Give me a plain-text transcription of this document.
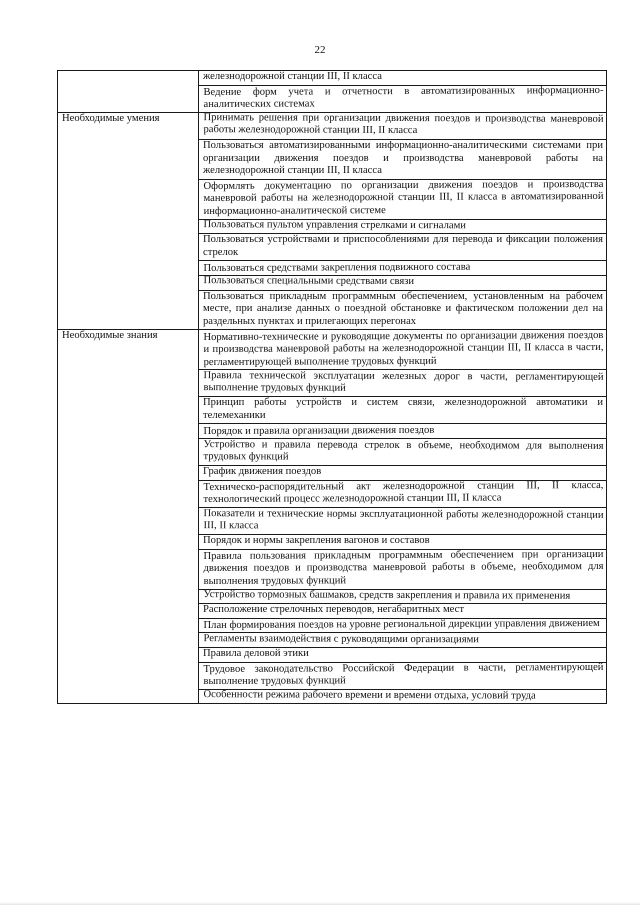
22
	железнодорожной станции III, II класса
	Ведение форм учета и отчетности в автоматизированных информационно-аналитических системах
Необходимые умения	Принимать решения при организации движения поездов и производства маневровой работы железнодорожной станции III, II класса
	Пользоваться автоматизированными информационно-аналитическими системами при организации движения поездов и производства маневровой работы на железнодорожной станции III, II класса
	Оформлять документацию по организации движения поездов и производства маневровой работы на железнодорожной станции III, II класса в автоматизированной информационно-аналитической системе
	Пользоваться пультом управления стрелками и сигналами
	Пользоваться устройствами и приспособлениями для перевода и фиксации положения стрелок
	Пользоваться средствами закрепления подвижного состава
	Пользоваться специальными средствами связи
	Пользоваться прикладным программным обеспечением, установленным на рабочем месте, при анализе данных о поездной обстановке и фактическом положении дел на раздельных пунктах и прилегающих перегонах
Необходимые знания	Нормативно-технические и руководящие документы по организации движения поездов и производства маневровой работы на железнодорожной станции III, II класса в части, регламентирующей выполнение трудовых функций
	Правила технической эксплуатации железных дорог в части, регламентирующей выполнение трудовых функций
	Принцип работы устройств и систем связи, железнодорожной автоматики и телемеханики
	Порядок и правила организации движения поездов
	Устройство и правила перевода стрелок в объеме, необходимом для выполнения трудовых функций
	График движения поездов
	Техническо-распорядительный акт железнодорожной станции III, II класса, технологический процесс железнодорожной станции III, II класса
	Показатели и технические нормы эксплуатационной работы железнодорожной станции III, II класса
	Порядок и нормы закрепления вагонов и составов
	Правила пользования прикладным программным обеспечением при организации движения поездов и производства маневровой работы в объеме, необходимом для выполнения трудовых функций
	Устройство тормозных башмаков, средств закрепления и правила их применения
	Расположение стрелочных переводов, негабаритных мест
	План формирования поездов на уровне региональной дирекции управления движением
	Регламенты взаимодействия с руководящими организациями
	Правила деловой этики
	Трудовое законодательство Российской Федерации в части, регламентирующей выполнение трудовых функций
	Особенности режима рабочего времени и времени отдыха, условий труда
